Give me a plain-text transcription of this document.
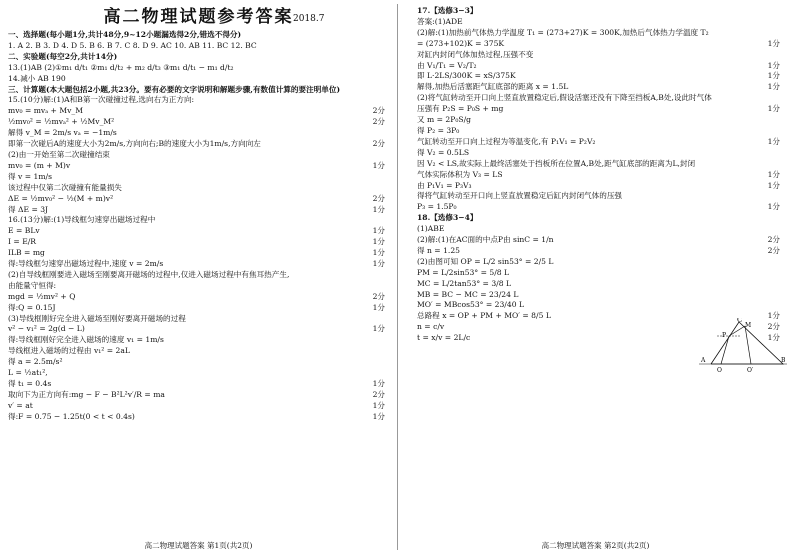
高二物理试题参考答案 2018.7
一、选择题(每小题1分,共计48分,9~12小题漏选得2分,错选不得分)
1. A 2. B 3. D 4. D 5. B 6. B 7. C 8. D 9. AC 10. AB 11. BC 12. BC
二、实验题(每空2分,共计14分)
13.(1)AB (2)①m₁ d/t₁ ②m₁ d/t₂ + m₂ d/t₃ ③m₁ d/t₁ − m₁ d/t₂
14.减小 AB 190
三、计算题(本大题包括2小题,共23分。要有必要的文字说明和解题步骤,有数值计算的要注明单位)
15.(10分)解:(1)A和B第一次碰撞过程,选向右为正方向:
mv₀ = mvₐ + Mv_M	2分
½mv₀² = ½mvₐ² + ½Mv_M²	2分
解得 v_M = 2m/s vₐ = −1m/s
即第一次碰后A的速度大小为2m/s,方向向右;B的速度大小为1m/s,方向向左	2分
(2)由一开始至第二次碰撞结束
mv₀ = (m + M)v	1分
得 v = 1m/s
该过程中仅第二次碰撞有能量损失
ΔE = ½mv₀² − ½(M + m)v²	2分
得 ΔE = 3J	1分
16.(13分)解:(1)导线框匀速穿出磁场过程中
E = BLv	1分
I = E/R	1分
ILB = mg	1分
得:导线框匀速穿出磁场过程中,速度 v = 2m/s	1分
(2)自导线框刚要进入磁场至刚要离开磁场的过程中,仅进入磁场过程中有焦耳热产生,
由能量守恒得:
mgd = ½mv² + Q	2分
得:Q = 0.15J	1分
(3)导线框刚好完全进入磁场至刚好要离开磁场的过程
v² − v₁² = 2g(d − L)	1分
得:导线框刚好完全进入磁场的速度 v₁ = 1m/s
导线框进入磁场的过程由 v₁² = 2aL
得 a = 2.5m/s²
L = ½at₁²,
得 t₁ = 0.4s	1分
取向下为正方向有:mg − F − B²L²v′/R = ma	2分
v′ = at	1分
得:F = 0.75 − 1.25t(0 < t < 0.4s)	1分
高二物理试题答案 第1页(共2页)
17.【选修3−3】
答案:(1)ADE
(2)解:(1)加热前气体热力学温度 T₁ = (273+27)K = 300K,加热后气体热力学温度 T₂
= (273+102)K = 375K	1分
对缸内封闭气体加热过程,压强不变
由 V₁/T₁ = V₂/T₂	1分
即 L·2LS/300K = xS/375K	1分
解得,加热后活塞距气缸底部的距离 x = 1.5L	1分
(2)将气缸转动至开口向上竖直放置稳定后,假设活塞还没有下降至挡板A,B处,设此时气体
压强有 P₂S = P₀S + mg	1分
又 m = 2P₀S/g
得 P₂ = 3P₀
气缸转动至开口向上过程为等温变化,有 P₁V₁ = P₂V₂	1分
得 V₂ = 0.5LS
因 V₂ < LS,故实际上最终活塞处于挡板所在位置A,B处,距气缸底部的距离为L,封闭
气体实际体积为 V₃ = LS	1分
由 P₁V₁ = P₃V₃	1分
得将气缸转动至开口向上竖直放置稳定后缸内封闭气体的压强
P₃ = 1.5P₀	1分
18.【选修3−4】
(1)ABE
(2)解:(1)在AC面的中点P由 sinC = 1/n	2分
得 n = 1.25	2分
(2)由图可知 OP = L/2 sin53° = 2/5 L
PM = L/2sin53° = 5/8 L
MC = L/2tan53° = 3/8 L
MB = BC − MC = 23/24 L
MO′ = MBcos53° = 23/40 L
总路程 x = OP + PM + MO′ = 8/5 L	1分
n = c/v	2分
t = x/v = 2L/c	1分
高二物理试题答案 第2页(共2页)
C
M
P
A
O	O′
B
